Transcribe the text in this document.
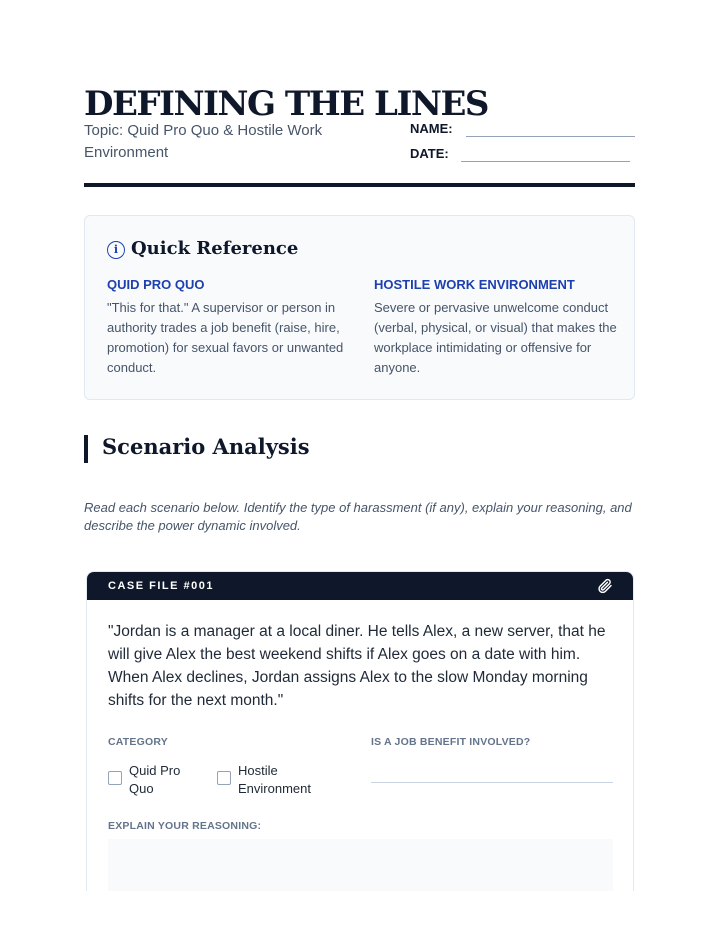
DEFINING THE LINES
Topic: Quid Pro Quo & Hostile Work Environment
NAME:
DATE:
i Quick Reference
QUID PRO QUO

"This for that." A supervisor or person in authority trades a job benefit (raise, hire, promotion) for sexual favors or unwanted conduct.

HOSTILE WORK ENVIRONMENT

Severe or pervasive unwelcome conduct (verbal, physical, or visual) that makes the workplace intimidating or offensive for anyone.

Scenario Analysis
Read each scenario below. Identify the type of harassment (if any), explain your reasoning, and describe the power dynamic involved.
CASE FILE #001
"Jordan is a manager at a local diner. He tells Alex, a new server, that he will give Alex the best weekend shifts if Alex goes on a date with him. When Alex declines, Jordan assigns Alex to the slow Monday morning shifts for the next month."
CATEGORY	IS A JOB BENEFIT INVOLVED?
Quid Pro Quo
Hostile Environment
EXPLAIN YOUR REASONING:
